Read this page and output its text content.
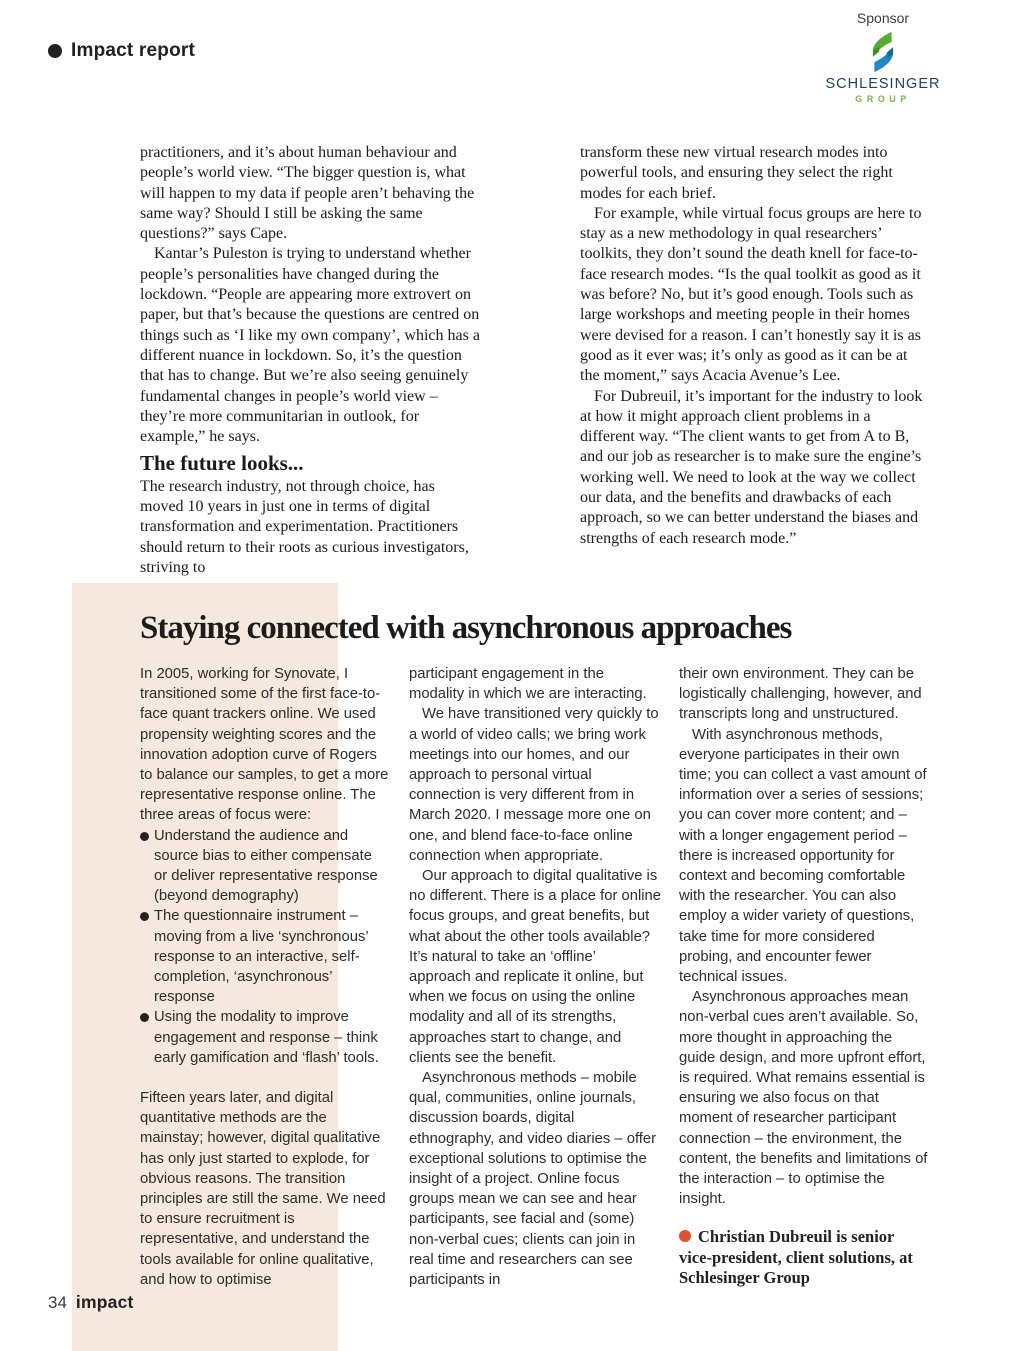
Impact report
Sponsor
SCHLESINGER
GROUP

practitioners, and it’s about human behaviour and people’s world view. “The bigger question is, what will happen to my data if people aren’t behaving the same way? Should I still be asking the same questions?” says Cape.

Kantar’s Puleston is trying to understand whether people’s personalities have changed during the lockdown. “People are appearing more extrovert on paper, but that’s because the questions are centred on things such as ‘I like my own company’, which has a different nuance in lockdown. So, it’s the question that has to change. But we’re also seeing genuinely fundamental changes in people’s world view – they’re more communitarian in outlook, for example,” he says.

The future looks...

The research industry, not through choice, has moved 10 years in just one in terms of digital transformation and experimentation. Practitioners should return to their roots as curious investigators, striving to

transform these new virtual research modes into powerful tools, and ensuring they select the right modes for each brief.

For example, while virtual focus groups are here to stay as a new methodology in qual researchers’ toolkits, they don’t sound the death knell for face-to-face research modes. “Is the qual toolkit as good as it was before? No, but it’s good enough. Tools such as large workshops and meeting people in their homes were devised for a reason. I can’t honestly say it is as good as it ever was; it’s only as good as it can be at the moment,” says Acacia Avenue’s Lee.

For Dubreuil, it’s important for the industry to look at how it might approach client problems in a different way. “The client wants to get from A to B, and our job as researcher is to make sure the engine’s working well. We need to look at the way we collect our data, and the benefits and drawbacks of each approach, so we can better understand the biases and strengths of each research mode.”

Staying connected with asynchronous approaches

In 2005, working for Synovate, I transitioned some of the first face-to-face quant trackers online. We used propensity weighting scores and the innovation adoption curve of Rogers to balance our samples, to get a more representative response online. The three areas of focus were:

Understand the audience and source bias to either compensate or deliver representative response (beyond demography)
The questionnaire instrument – moving from a live ‘synchronous’ response to an interactive, self-completion, ‘asynchronous’ response
Using the modality to improve engagement and response – think early gamification and ‘flash’ tools.

Fifteen years later, and digital quantitative methods are the mainstay; however, digital qualitative has only just started to explode, for obvious reasons. The transition principles are still the same. We need to ensure recruitment is representative, and understand the tools available for online qualitative, and how to optimise

participant engagement in the modality in which we are interacting.

We have transitioned very quickly to a world of video calls; we bring work meetings into our homes, and our approach to personal virtual connection is very different from in March 2020. I message more one on one, and blend face-to-face online connection when appropriate.

Our approach to digital qualitative is no different. There is a place for online focus groups, and great benefits, but what about the other tools available? It’s natural to take an ‘offline’ approach and replicate it online, but when we focus on using the online modality and all of its strengths, approaches start to change, and clients see the benefit.

Asynchronous methods – mobile qual, communities, online journals, discussion boards, digital ethnography, and video diaries – offer exceptional solutions to optimise the insight of a project. Online focus groups mean we can see and hear participants, see facial and (some) non-verbal cues; clients can join in real time and researchers can see participants in

their own environment. They can be logistically challenging, however, and transcripts long and unstructured.

With asynchronous methods, everyone participates in their own time; you can collect a vast amount of information over a series of sessions; you can cover more content; and – with a longer engagement period – there is increased opportunity for context and becoming comfortable with the researcher. You can also employ a wider variety of questions, take time for more considered probing, and encounter fewer technical issues.

Asynchronous approaches mean non-verbal cues aren’t available. So, more thought in approaching the guide design, and more upfront effort, is required. What remains essential is ensuring we also focus on that moment of researcher participant connection – the environment, the content, the benefits and limitations of the interaction – to optimise the insight.

Christian Dubreuil is senior vice-president, client solutions, at Schlesinger Group
34 impact
